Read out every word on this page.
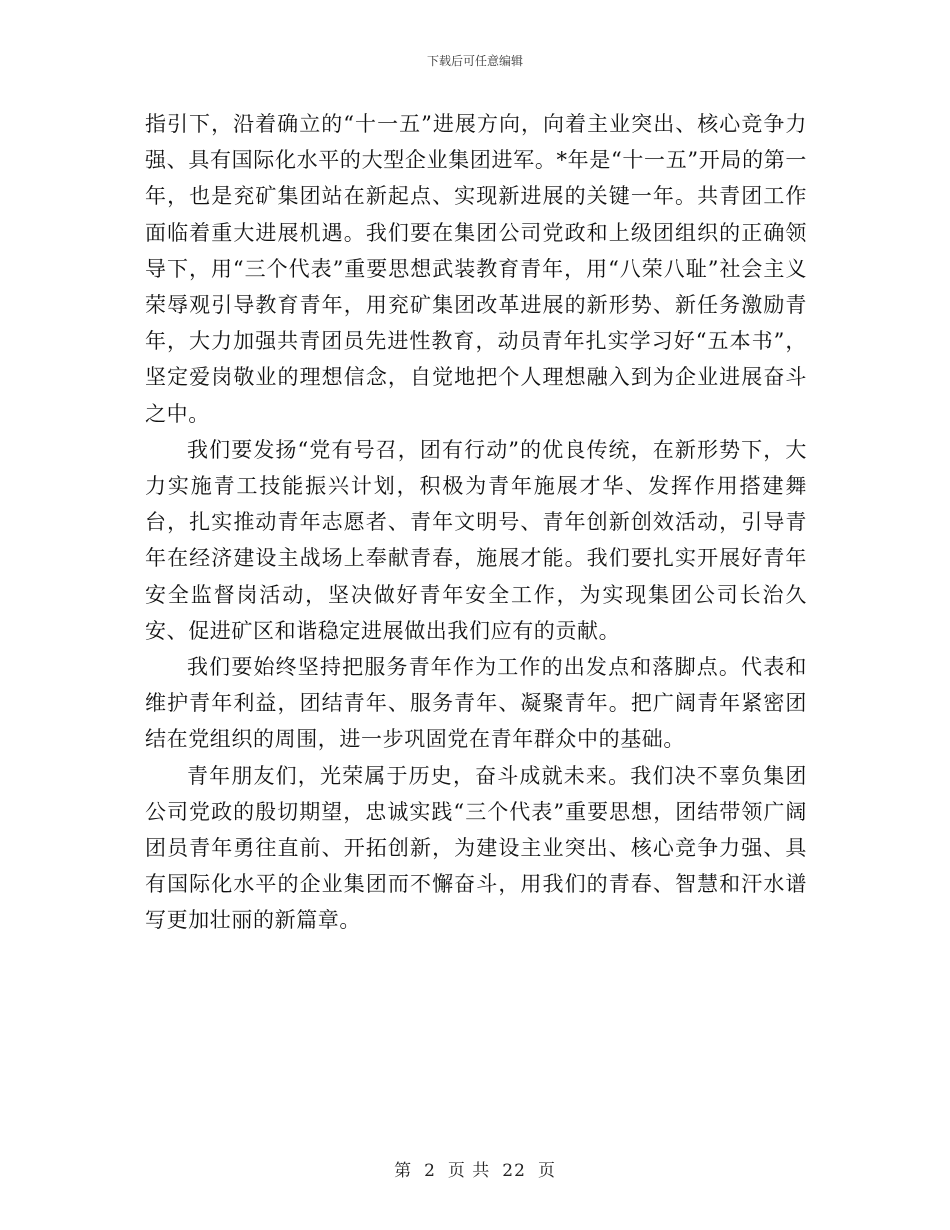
下载后可任意编辑

指引下，沿着确立的“十一五”进展方向，向着主业突出、核心竞争力强、具有国际化水平的大型企业集团进军。*年是“十一五”开局的第一年，也是兖矿集团站在新起点、实现新进展的关键一年。共青团工作面临着重大进展机遇。我们要在集团公司党政和上级团组织的正确领导下，用“三个代表”重要思想武装教育青年，用“八荣八耻”社会主义荣辱观引导教育青年，用兖矿集团改革进展的新形势、新任务激励青年，大力加强共青团员先进性教育，动员青年扎实学习好“五本书”，坚定爱岗敬业的理想信念，自觉地把个人理想融入到为企业进展奋斗之中。

我们要发扬“党有号召，团有行动”的优良传统，在新形势下，大力实施青工技能振兴计划，积极为青年施展才华、发挥作用搭建舞台，扎实推动青年志愿者、青年文明号、青年创新创效活动，引导青年在经济建设主战场上奉献青春，施展才能。我们要扎实开展好青年安全监督岗活动，坚决做好青年安全工作，为实现集团公司长治久安、促进矿区和谐稳定进展做出我们应有的贡献。

我们要始终坚持把服务青年作为工作的出发点和落脚点。代表和维护青年利益，团结青年、服务青年、凝聚青年。把广阔青年紧密团结在党组织的周围，进一步巩固党在青年群众中的基础。

青年朋友们，光荣属于历史，奋斗成就未来。我们决不辜负集团公司党政的殷切期望，忠诚实践“三个代表”重要思想，团结带领广阔团员青年勇往直前、开拓创新，为建设主业突出、核心竞争力强、具有国际化水平的企业集团而不懈奋斗，用我们的青春、智慧和汗水谱写更加壮丽的新篇章。

第 2 页 共 22 页
